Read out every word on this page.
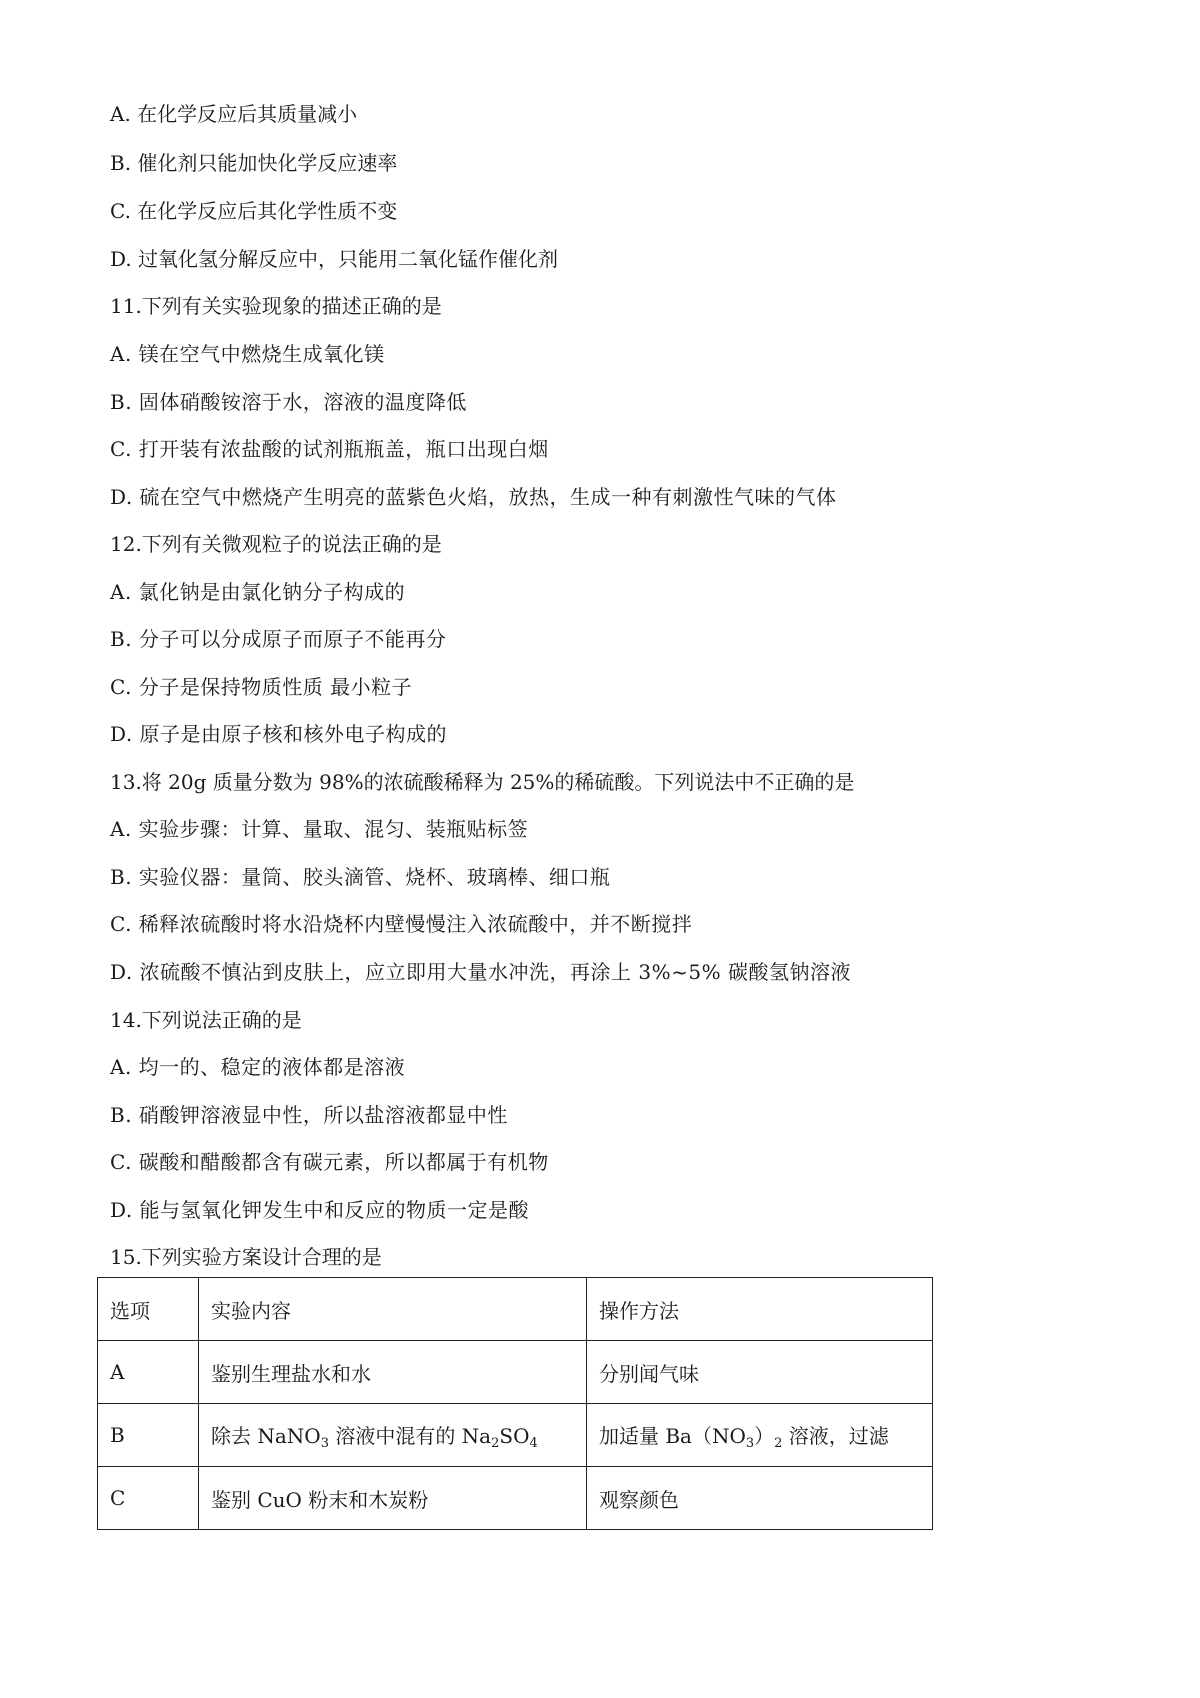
A. 在化学反应后其质量减小
B. 催化剂只能加快化学反应速率
C. 在化学反应后其化学性质不变
D. 过氧化氢分解反应中，只能用二氧化锰作催化剂
11.下列有关实验现象的描述正确的是
A. 镁在空气中燃烧生成氧化镁
B. 固体硝酸铵溶于水，溶液的温度降低
C. 打开装有浓盐酸的试剂瓶瓶盖，瓶口出现白烟
D. 硫在空气中燃烧产生明亮的蓝紫色火焰，放热，生成一种有刺激性气味的气体
12.下列有关微观粒子的说法正确的是
A. 氯化钠是由氯化钠分子构成的
B. 分子可以分成原子而原子不能再分
C. 分子是保持物质性质 最小粒子
D. 原子是由原子核和核外电子构成的
13.将 20g 质量分数为 98%的浓硫酸稀释为 25%的稀硫酸。下列说法中不正确的是
A. 实验步骤：计算、量取、混匀、装瓶贴标签
B. 实验仪器：量筒、胶头滴管、烧杯、玻璃棒、细口瓶
C. 稀释浓硫酸时将水沿烧杯内壁慢慢注入浓硫酸中，并不断搅拌
D. 浓硫酸不慎沾到皮肤上，应立即用大量水冲洗，再涂上 3%~5% 碳酸氢钠溶液
14.下列说法正确的是
A. 均一的、稳定的液体都是溶液
B. 硝酸钾溶液显中性，所以盐溶液都显中性
C. 碳酸和醋酸都含有碳元素，所以都属于有机物
D. 能与氢氧化钾发生中和反应的物质一定是酸
15.下列实验方案设计合理的是
选项	实验内容	操作方法
A	鉴别生理盐水和水	分别闻气味
B	除去 NaNO$_3$ 溶液中混有的 $Na_2SO_4$	加适量 $Ba(NO_3)_2$ 溶液，过滤
C	鉴别 CuO 粉末和木炭粉	观察颜色
